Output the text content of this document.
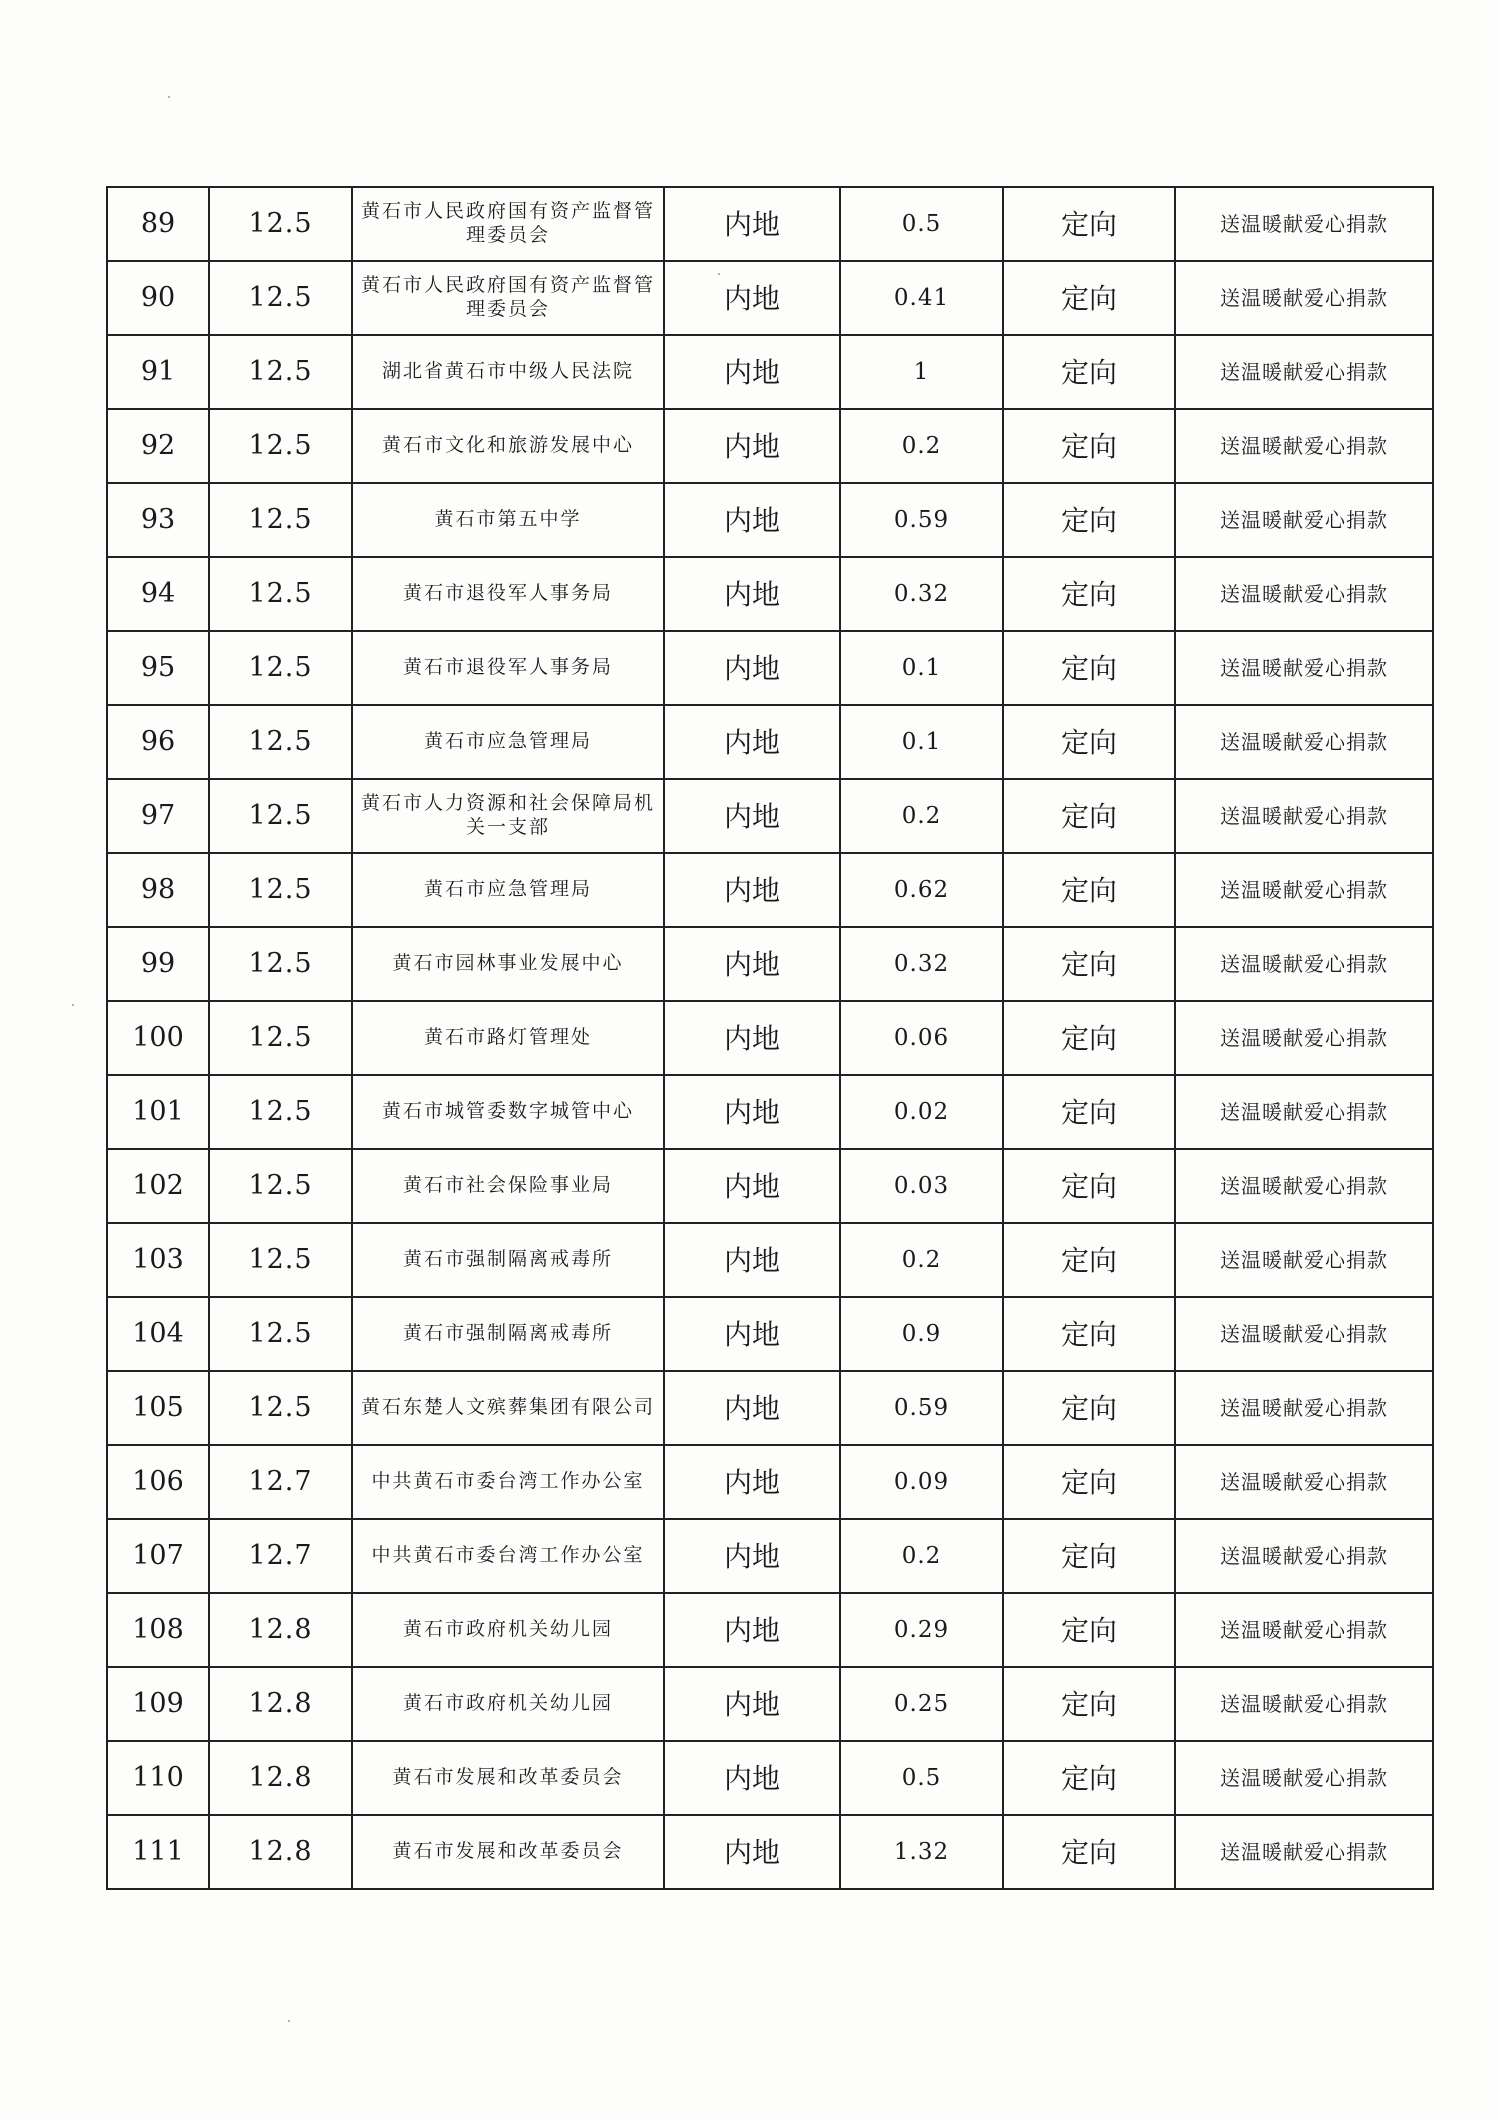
89	12.5	黄石市人民政府国有资产监督管理委员会	内地	0.5	定向	送温暖献爱心捐款
90	12.5	黄石市人民政府国有资产监督管理委员会	内地	0.41	定向	送温暖献爱心捐款
91	12.5	湖北省黄石市中级人民法院	内地	1	定向	送温暖献爱心捐款
92	12.5	黄石市文化和旅游发展中心	内地	0.2	定向	送温暖献爱心捐款
93	12.5	黄石市第五中学	内地	0.59	定向	送温暖献爱心捐款
94	12.5	黄石市退役军人事务局	内地	0.32	定向	送温暖献爱心捐款
95	12.5	黄石市退役军人事务局	内地	0.1	定向	送温暖献爱心捐款
96	12.5	黄石市应急管理局	内地	0.1	定向	送温暖献爱心捐款
97	12.5	黄石市人力资源和社会保障局机关一支部	内地	0.2	定向	送温暖献爱心捐款
98	12.5	黄石市应急管理局	内地	0.62	定向	送温暖献爱心捐款
99	12.5	黄石市园林事业发展中心	内地	0.32	定向	送温暖献爱心捐款
100	12.5	黄石市路灯管理处	内地	0.06	定向	送温暖献爱心捐款
101	12.5	黄石市城管委数字城管中心	内地	0.02	定向	送温暖献爱心捐款
102	12.5	黄石市社会保险事业局	内地	0.03	定向	送温暖献爱心捐款
103	12.5	黄石市强制隔离戒毒所	内地	0.2	定向	送温暖献爱心捐款
104	12.5	黄石市强制隔离戒毒所	内地	0.9	定向	送温暖献爱心捐款
105	12.5	黄石东楚人文殡葬集团有限公司	内地	0.59	定向	送温暖献爱心捐款
106	12.7	中共黄石市委台湾工作办公室	内地	0.09	定向	送温暖献爱心捐款
107	12.7	中共黄石市委台湾工作办公室	内地	0.2	定向	送温暖献爱心捐款
108	12.8	黄石市政府机关幼儿园	内地	0.29	定向	送温暖献爱心捐款
109	12.8	黄石市政府机关幼儿园	内地	0.25	定向	送温暖献爱心捐款
110	12.8	黄石市发展和改革委员会	内地	0.5	定向	送温暖献爱心捐款
111	12.8	黄石市发展和改革委员会	内地	1.32	定向	送温暖献爱心捐款
